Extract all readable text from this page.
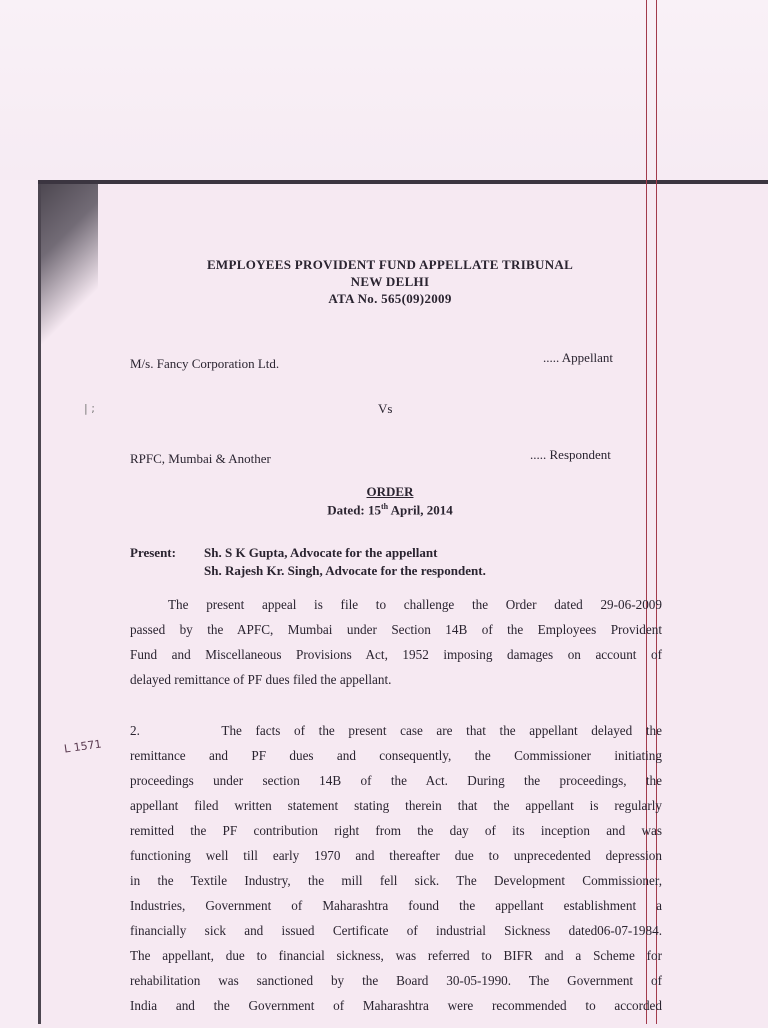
EMPLOYEES PROVIDENT FUND APPELLATE TRIBUNAL
NEW DELHI
ATA No. 565(09)2009
M/s. Fancy Corporation Ltd.	..... Appellant
Vs
RPFC, Mumbai & Another	..... Respondent
| ;
ORDER
Dated: 15th April, 2014
Present: Sh. S K Gupta, Advocate for the appellant
Sh. Rajesh Kr. Singh, Advocate for the respondent.
The present appeal is file to challenge the Order dated 29-06-2009
passed by the APFC, Mumbai under Section 14B of the Employees Provident
Fund and Miscellaneous Provisions Act, 1952 imposing damages on account of
delayed remittance of PF dues filed the appellant.
2.      The facts of the present case are that the appellant delayed the
remittance and PF dues and consequently, the Commissioner initiating
proceedings under section 14B of the Act. During the proceedings, the
appellant filed written statement stating therein that the appellant is regularly
remitted the PF contribution right from the day of its inception and was
functioning well till early 1970 and thereafter due to unprecedented depression
in the Textile Industry, the mill fell sick. The Development Commissioner,
Industries, Government of Maharashtra found the appellant establishment a
financially sick and issued Certificate of industrial Sickness dated06-07-1984.
The appellant, due to financial sickness, was referred to BIFR and a Scheme for
rehabilitation was sanctioned by the Board 30-05-1990. The Government of
India and the Government of Maharashtra were recommended to accorded
L 1571
